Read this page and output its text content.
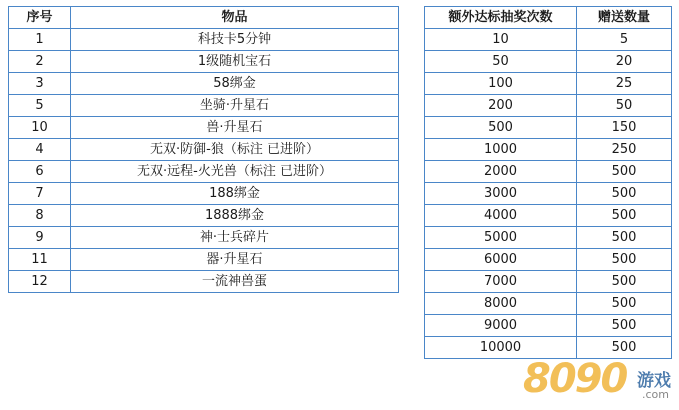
序号	物品
1	科技卡5分钟
2	1级随机宝石
3	58绑金
5	坐骑·升星石
10	兽·升星石
4	无双·防御-狼（标注 已进阶）
6	无双·远程-火光兽（标注 已进阶）
7	188绑金
8	1888绑金
9	神·士兵碎片
11	器·升星石
12	一流神兽蛋
额外达标抽奖次数	赠送数量
10	5
50	20
100	25
200	50
500	150
1000	250
2000	500
3000	500
4000	500
5000	500
6000	500
7000	500
8000	500
9000	500
10000	500
8090 游戏
.com
